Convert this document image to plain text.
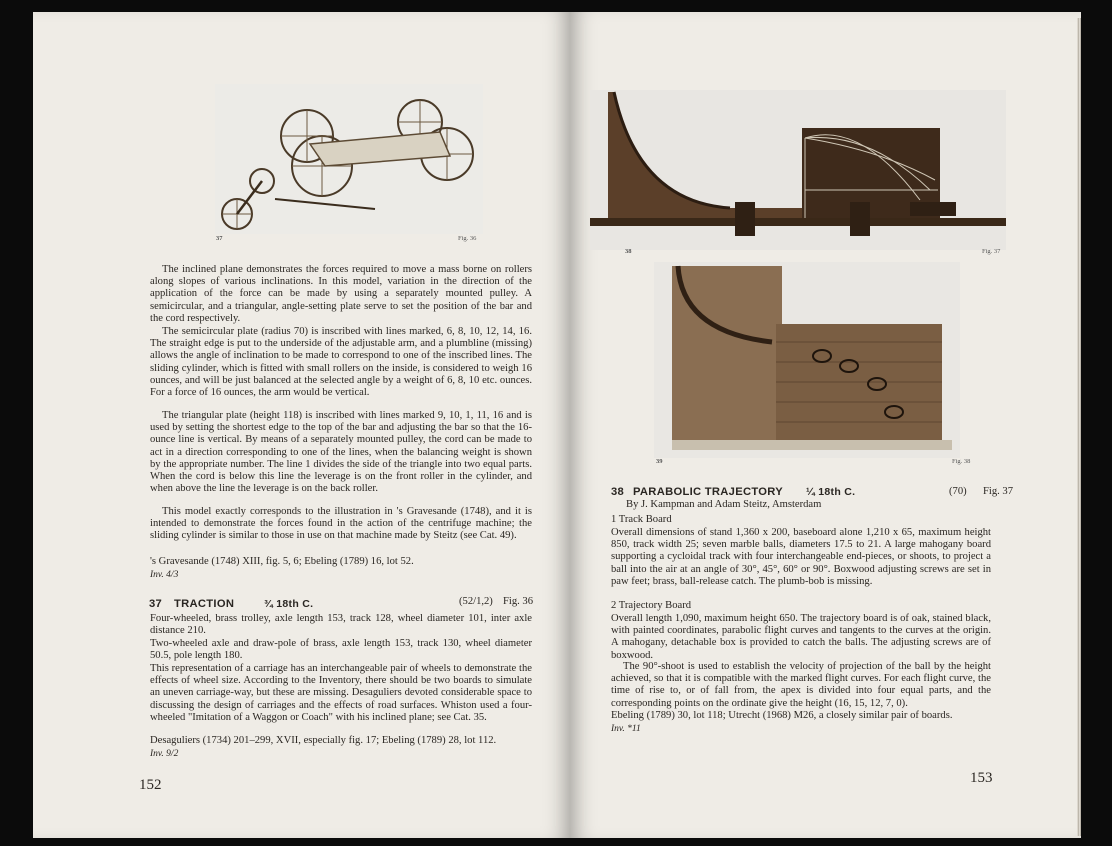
37	Fig. 36

The inclined plane demonstrates the forces required to move a mass borne on rollers along slopes of various inclinations. In this model, variation in the direction of the application of the force can be made by using a separately mounted pulley. A semicircular, and a triangular, angle-setting plate serve to set the position of the bar and the cord respectively.

The semicircular plate (radius 70) is inscribed with lines marked, 6, 8, 10, 12, 14, 16. The straight edge is put to the underside of the adjustable arm, and a plumbline (missing) allows the angle of inclination to be made to correspond to one of the inscribed lines. The sliding cylinder, which is fitted with small rollers on the inside, is considered to weigh 16 ounces, and will be just balanced at the selected angle by a weight of 6, 8, 10 etc. ounces. For a force of 16 ounces, the arm would be vertical.

The triangular plate (height 118) is inscribed with lines marked 9, 10, 1, 11, 16 and is used by setting the shortest edge to the top of the bar and adjusting the bar so that the 16-ounce line is vertical. By means of a separately mounted pulley, the cord can be made to act in a direction corresponding to one of the lines, when the balancing weight is shown by the appropriate number. The line 1 divides the side of the triangle into two equal parts. When the cord is below this line the leverage is on the front roller in the cylinder, and when above the line the leverage is on the back roller.

This model exactly corresponds to the illustration in 's Gravesande (1748), and it is intended to demonstrate the forces found in the action of the centrifuge machine; the sliding cylinder is similar to those in use on that machine made by Steitz (see Cat. 49).

's Gravesande (1748) XIII, fig. 5, 6; Ebeling (1789) 16, lot 52.

Inv. 4/3

37 TRACTION	¾ 18th C.	(52/1,2) Fig. 36

Four-wheeled, brass trolley, axle length 153, track 128, wheel diameter 101, inter axle distance 210.

Two-wheeled axle and draw-pole of brass, axle length 153, track 130, wheel diameter 50.5, pole length 180.

This representation of a carriage has an interchangeable pair of wheels to demonstrate the effects of wheel size. According to the Inventory, there should be two boards to simulate an uneven carriage-way, but these are missing. Desaguliers devoted considerable space to discussing the design of carriages and the effects of road surfaces. Whiston used a four-wheeled "Imitation of a Waggon or Coach" with his inclined plane; see Cat. 35.

Desaguliers (1734) 201–299, XVII, especially fig. 17; Ebeling (1789) 28, lot 112.

Inv. 9/2

152
38	Fig. 37
39	Fig. 38
38 PARABOLIC TRAJECTORY ¼ 18th C.	(70)	Fig. 37
By J. Kampman and Adam Steitz, Amsterdam

1 Track Board

Overall dimensions of stand 1,360 x 200, baseboard alone 1,210 x 65, maximum height 850, track width 25; seven marble balls, diameters 17.5 to 21. A large mahogany board supporting a cycloidal track with four interchangeable end-pieces, or shoots, to project a ball into the air at an angle of 30°, 45°, 60° or 90°. Boxwood adjusting screws are set in paw feet; brass, ball-release catch. The plumb-bob is missing.

2 Trajectory Board

Overall length 1,090, maximum height 650. The trajectory board is of oak, stained black, with painted coordinates, parabolic flight curves and tangents to the curves at the origin. A mahogany, detachable box is provided to catch the balls. The adjusting screws are of boxwood.

The 90°-shoot is used to establish the velocity of projection of the ball by the height achieved, so that it is compatible with the marked flight curves. For each flight curve, the time of rise to, or of fall from, the apex is divided into four equal parts, and the corresponding points on the ordinate give the height (16, 15, 12, 7, 0).

Ebeling (1789) 30, lot 118; Utrecht (1968) M26, a closely similar pair of boards.

Inv. *11

153
